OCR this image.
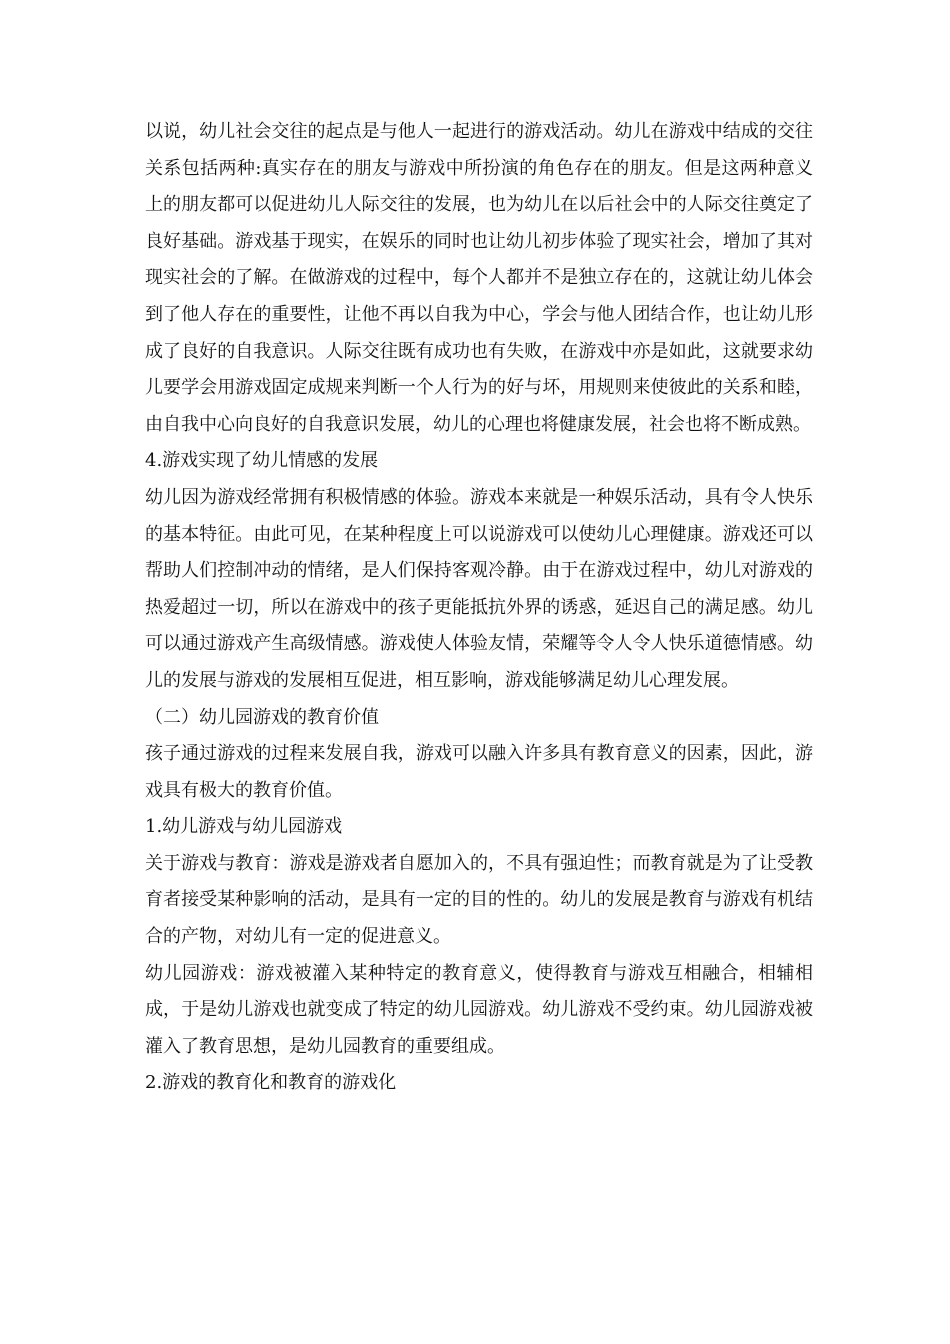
以说，幼儿社会交往的起点是与他人一起进行的游戏活动。幼儿在游戏中结成的交往关系包括两种:真实存在的朋友与游戏中所扮演的角色存在的朋友。但是这两种意义上的朋友都可以促进幼儿人际交往的发展，也为幼儿在以后社会中的人际交往奠定了良好基础。游戏基于现实，在娱乐的同时也让幼儿初步体验了现实社会，增加了其对现实社会的了解。在做游戏的过程中，每个人都并不是独立存在的，这就让幼儿体会到了他人存在的重要性，让他不再以自我为中心，学会与他人团结合作，也让幼儿形成了良好的自我意识。人际交往既有成功也有失败，在游戏中亦是如此，这就要求幼儿要学会用游戏固定成规来判断一个人行为的好与坏，用规则来使彼此的关系和睦，由自我中心向良好的自我意识发展，幼儿的心理也将健康发展，社会也将不断成熟。

4.游戏实现了幼儿情感的发展

幼儿因为游戏经常拥有积极情感的体验。游戏本来就是一种娱乐活动，具有令人快乐的基本特征。由此可见，在某种程度上可以说游戏可以使幼儿心理健康。游戏还可以帮助人们控制冲动的情绪，是人们保持客观冷静。由于在游戏过程中，幼儿对游戏的热爱超过一切，所以在游戏中的孩子更能抵抗外界的诱惑，延迟自己的满足感。幼儿可以通过游戏产生高级情感。游戏使人体验友情，荣耀等令人令人快乐道德情感。幼儿的发展与游戏的发展相互促进，相互影响，游戏能够满足幼儿心理发展。

（二）幼儿园游戏的教育价值

孩子通过游戏的过程来发展自我，游戏可以融入许多具有教育意义的因素，因此，游戏具有极大的教育价值。

1.幼儿游戏与幼儿园游戏

关于游戏与教育：游戏是游戏者自愿加入的，不具有强迫性；而教育就是为了让受教育者接受某种影响的活动，是具有一定的目的性的。幼儿的发展是教育与游戏有机结合的产物，对幼儿有一定的促进意义。

幼儿园游戏：游戏被灌入某种特定的教育意义，使得教育与游戏互相融合，相辅相成，于是幼儿游戏也就变成了特定的幼儿园游戏。幼儿游戏不受约束。幼儿园游戏被灌入了教育思想，是幼儿园教育的重要组成。

2.游戏的教育化和教育的游戏化
